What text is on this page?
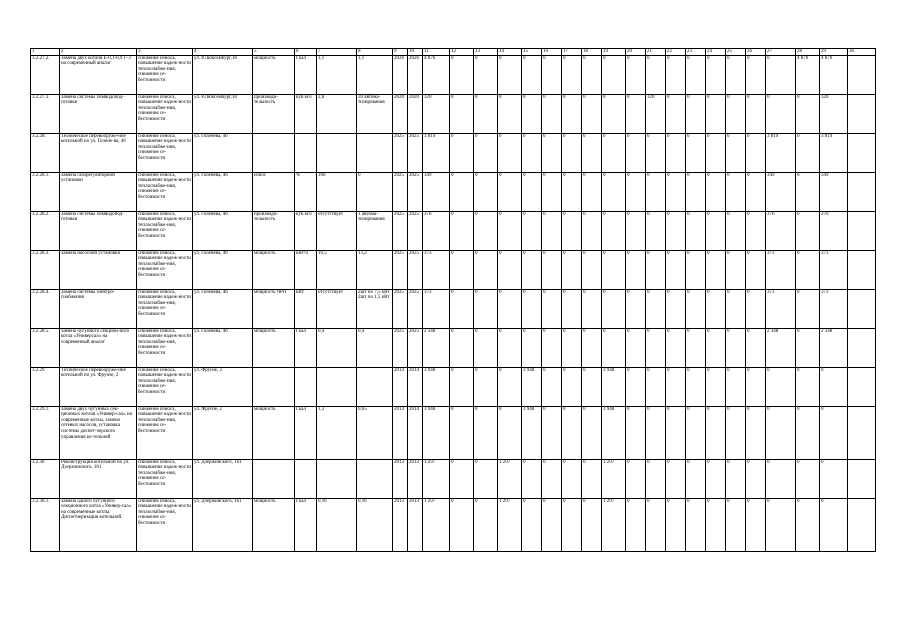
1	2	3	4	5	6	7	8	9	10	11	12	13	14	15	16	17	18	19	20	21	22	23	24	25	26	27	28	29	30
3.2.27.2.	Замена двух котлов Е-0,1-0,9 Г-3 на современный аналог	снижение износа, повышение надеж-ности теплоснабже-ния, снижение се-бестоимости	ул. Р.Люксембург,18	мощность	Гкал	1,1	1,1	2026	2026	4 876	0	0	0	0	0	0	0	0	0	0	0	0	0	0	0	0	4 876	4 876	
3.2.27.3.	Замена системы химводопод-готовки	снижение износа, повышение надеж-ности теплоснабже-ния, снижение се-бестоимости	ул. Р.Люксембург,18	производи-тельность	куб.м/ч	2,8	20 автома-тизирования	2020	2020	320	0	0	0	0	0	0	0	0	0	320	0	0	0	0	0	0	0	320	
3.2.28.	Техническое перевооруже-ние котельной по ул. Голене-ва, 46	снижение износа, повышение надеж-ности теплоснабже-ния, снижение се-бестоимости	ул. Голенева, 46					2025	2025	3 819	0	0	0	0	0	0	0	0	0	0	0	0	0	0	0	3 819	0	3 819	
3.2.28.1.	Замена газорегуляторной установки	снижение износа, повышение надеж-ности теплоснабже-ния, снижение се-бестоимости	ул. Голенева, 46	износ	%	100	0	2025	2025	349	0	0	0	0	0	0	0	0	0	0	0	0	0	0	0	349	0	349	
3.2.28.2.	Замена системы химводопод-готовки	снижение износа, повышение надеж-ности теплоснабже-ния, снижение се-бестоимости	ул. Голенева, 46	производи-тельность	куб.м/ч	отсутствует	1 автома-тизирования	2025	2025	376	0	0	0	0	0	0	0	0	0	0	0	0	0	0	0	376	0	376	
3.2.28.3.	Замена насосной установки	снижение износа, повышение надеж-ности теплоснабже-ния, снижение се-бестоимости	ул. Голенева, 46	мощность	кВт/ч	16,5	13,2	2025	2025	373	0	0	0	0	0	0	0	0	0	0	0	0	0	0	0	373	0	373	
3.2.28.4.	Замена системы электро-снабжения	снижение износа, повышение надеж-ности теплоснабже-ния, снижение се-бестоимости	ул. Голенева, 46	мощность ЧРП	кВт	отсутствует	2шт по 7,5 кВт 2шт по 1,5 кВт	2025	2025	373	0	0	0	0	0	0	0	0	0	0	0	0	0	0	0	373	0	373	
3.2.28.5.	Замена чугунного секцион-ного котла «Универсал» на современный аналог	снижение износа, повышение надеж-ности теплоснабже-ния, снижение се-бестоимости	ул. Голенева, 46	мощность	Гкал	0,4	0,4	2025	2025	2 348	0	0	0	0	0	0	0	0	0	0	0	0	0	0	0	2 348	0	2 348	
3.2.29	Техническое перевооруже-ние котельной по ул. Фрунзе, 2	снижение износа, повышение надеж-ности теплоснабже-ния, снижение се-бестоимости	ул. Фрунзе, 2					2014	2014	3 948	0	0	0	3 948	0	0	0	3 948	0	0	0	0	0	0	0	0	0	0	
3.2.29.1.	Замена двух чугунных сек-ционных котлов «Универ-сал» на современные котлы, замена сетевых насосов, установка системы диспет-черского управления ко-тельной	снижение износа, повышение надеж-ности теплоснабже-ния, снижение се-бестоимости	ул. Фрунзе, 2	мощность	Гкал	1,3	0,65	2014	2014	3 948	0	0	0	3 948	0	0	0	3 948	0	0	0	0	0	0	0	0	0	0	
3.2.30	Реконструкция котельной по ул. Дзержинского, 161	снижение износа, повышение надеж-ности теплоснабже-ния, снижение се-бестоимости	ул. Дзержинского, 161					2013	2013	1 297	0	0	1 297	0	0	0	0	1 297	0	0	0	0	0	0	0	0	0	0	
3.2.30.1.	Замена одного чугунного секционного котла «Универ-сал» на современные котлы. Диспетчеризация котельной.	снижение износа, повышение надеж-ности теплоснабже-ния, снижение се-бестоимости	ул. Дзержинского, 161	мощность	Гкал	0,16	0,16	2013	2013	1 297	0	0	1 297	0	0	0	0	1 297	0	0	0	0	0	0	0	0	0	0	
